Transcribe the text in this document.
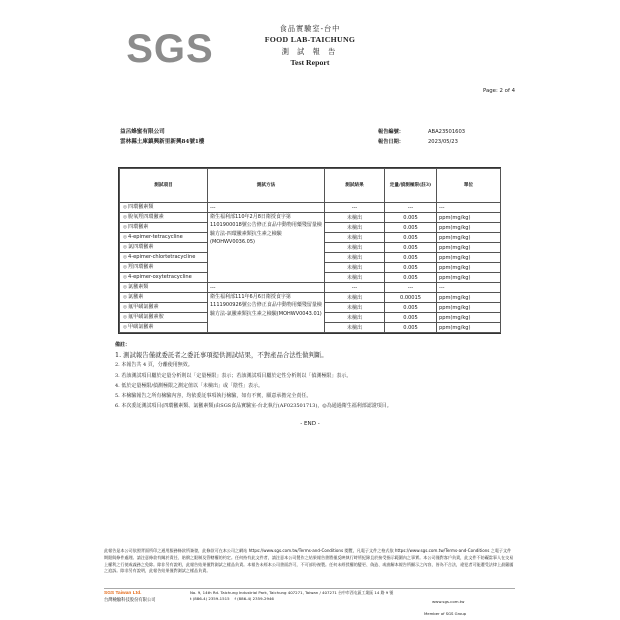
SGS	食品實驗室-台中
FOOD LAB-TAICHUNG
測 試 報 告
Test Report
Page: 2 of 4
益呂蜂蜜有限公司
雲林縣土庫鎮興新里新興84號1樓
報告編號：	ABA23501603
報告日期：	2023/05/23
測試項目	測試方法	測試結果	定量/偵測極限(註3)	單位
◎四環黴素類	---	---	---	---
◎脫氧羥四環黴素	衛生福利部110年2月8日衛授食字第1101900018號公告修正食品中動物用藥殘留量檢驗方法-四環黴素類抗生素之檢驗(MOHWV0036.05)	未檢出	0.005	ppm(mg/kg)
◎四環黴素		未檢出	0.005	ppm(mg/kg)
◎4-epimer-tetracycline		未檢出	0.005	ppm(mg/kg)
◎氯四環黴素		未檢出	0.005	ppm(mg/kg)
◎4-epimer-chlortetracycline		未檢出	0.005	ppm(mg/kg)
◎羥四環黴素		未檢出	0.005	ppm(mg/kg)
◎4-epimer-oxytetracycline		未檢出	0.005	ppm(mg/kg)
◎氯黴素類	---	---	---	---
◎氯黴素	衛生福利部111年6月6日衛授食字第1111900926號公告修正食品中動物用藥殘留量檢驗方法-氯黴素類抗生素之檢驗(MOHWV0043.01)	未檢出	0.00015	ppm(mg/kg)
◎氟甲磺氯黴素		未檢出	0.005	ppm(mg/kg)
◎氟甲磺氯黴素胺		未檢出	0.005	ppm(mg/kg)
◎甲磺氯黴素		未檢出	0.005	ppm(mg/kg)
備註：
1. 測試報告僅就委託者之委託事項提供測試結果，不對產品合法性做判斷。
2. 本報告共 4 頁，分離使用無效。
3. 若該測試項目屬於定量分析則以「定量極限」表示；若該測試項目屬於定性分析則以「偵測極限」表示。
4. 低於定量極限/偵測極限之測定值以「未檢出」或「陰性」表示。
5. 本檢驗報告之所有檢驗內容，均依委託事項執行檢驗，如有不實，願意承擔完全責任。
6. 本次委託測試項目(四環黴素類、氯黴素類)由SGS食品實驗室-台北執行(AF023501713)，◎為通過衛生福利部認證項目。
- END -
此報告是本公司依照背面所印之通用服務條款所簽發，此條款可在本公司之網站 https://www.sgs.com.tw/Terms-and-Conditions 閱覽，凡電子文件之格式依 https://www.sgs.com.tw/Terms-and-Conditions 之電子文件期限與條件處理。請注意條款有關於責任、賠償之限制及管轄權的約定。任何持有此文件者，請注意本公司製作之結果報告書將僅反映執行時所紀錄且於接受指示範圍內之事實。本公司僅對客戶負責，此文件不妨礙當事人在交易上權利之行使或義務之免除。除非另有說明，此報告結果僅對測試之樣品負責。本報告未經本公司書面許可，不可部份複製。任何未經授權的變更、偽造、或曲解本報告所顯示之內容，皆為不合法，違犯者可能遭受法律上最嚴厲之追訴。除非另有說明，此報告結果僅對測試之樣品負責。
SGS Taiwan Ltd.
台灣檢驗科技股份有限公司
No. 9, 14th Rd. Taichung Industrial Park, Taichung 407271, Taiwan / 407271 台中市西屯區工業區 14 路 9 號
t (886-4) 2359-1515 f (886-4) 2359-2946
www.sgs.com.tw
Member of SGS Group
